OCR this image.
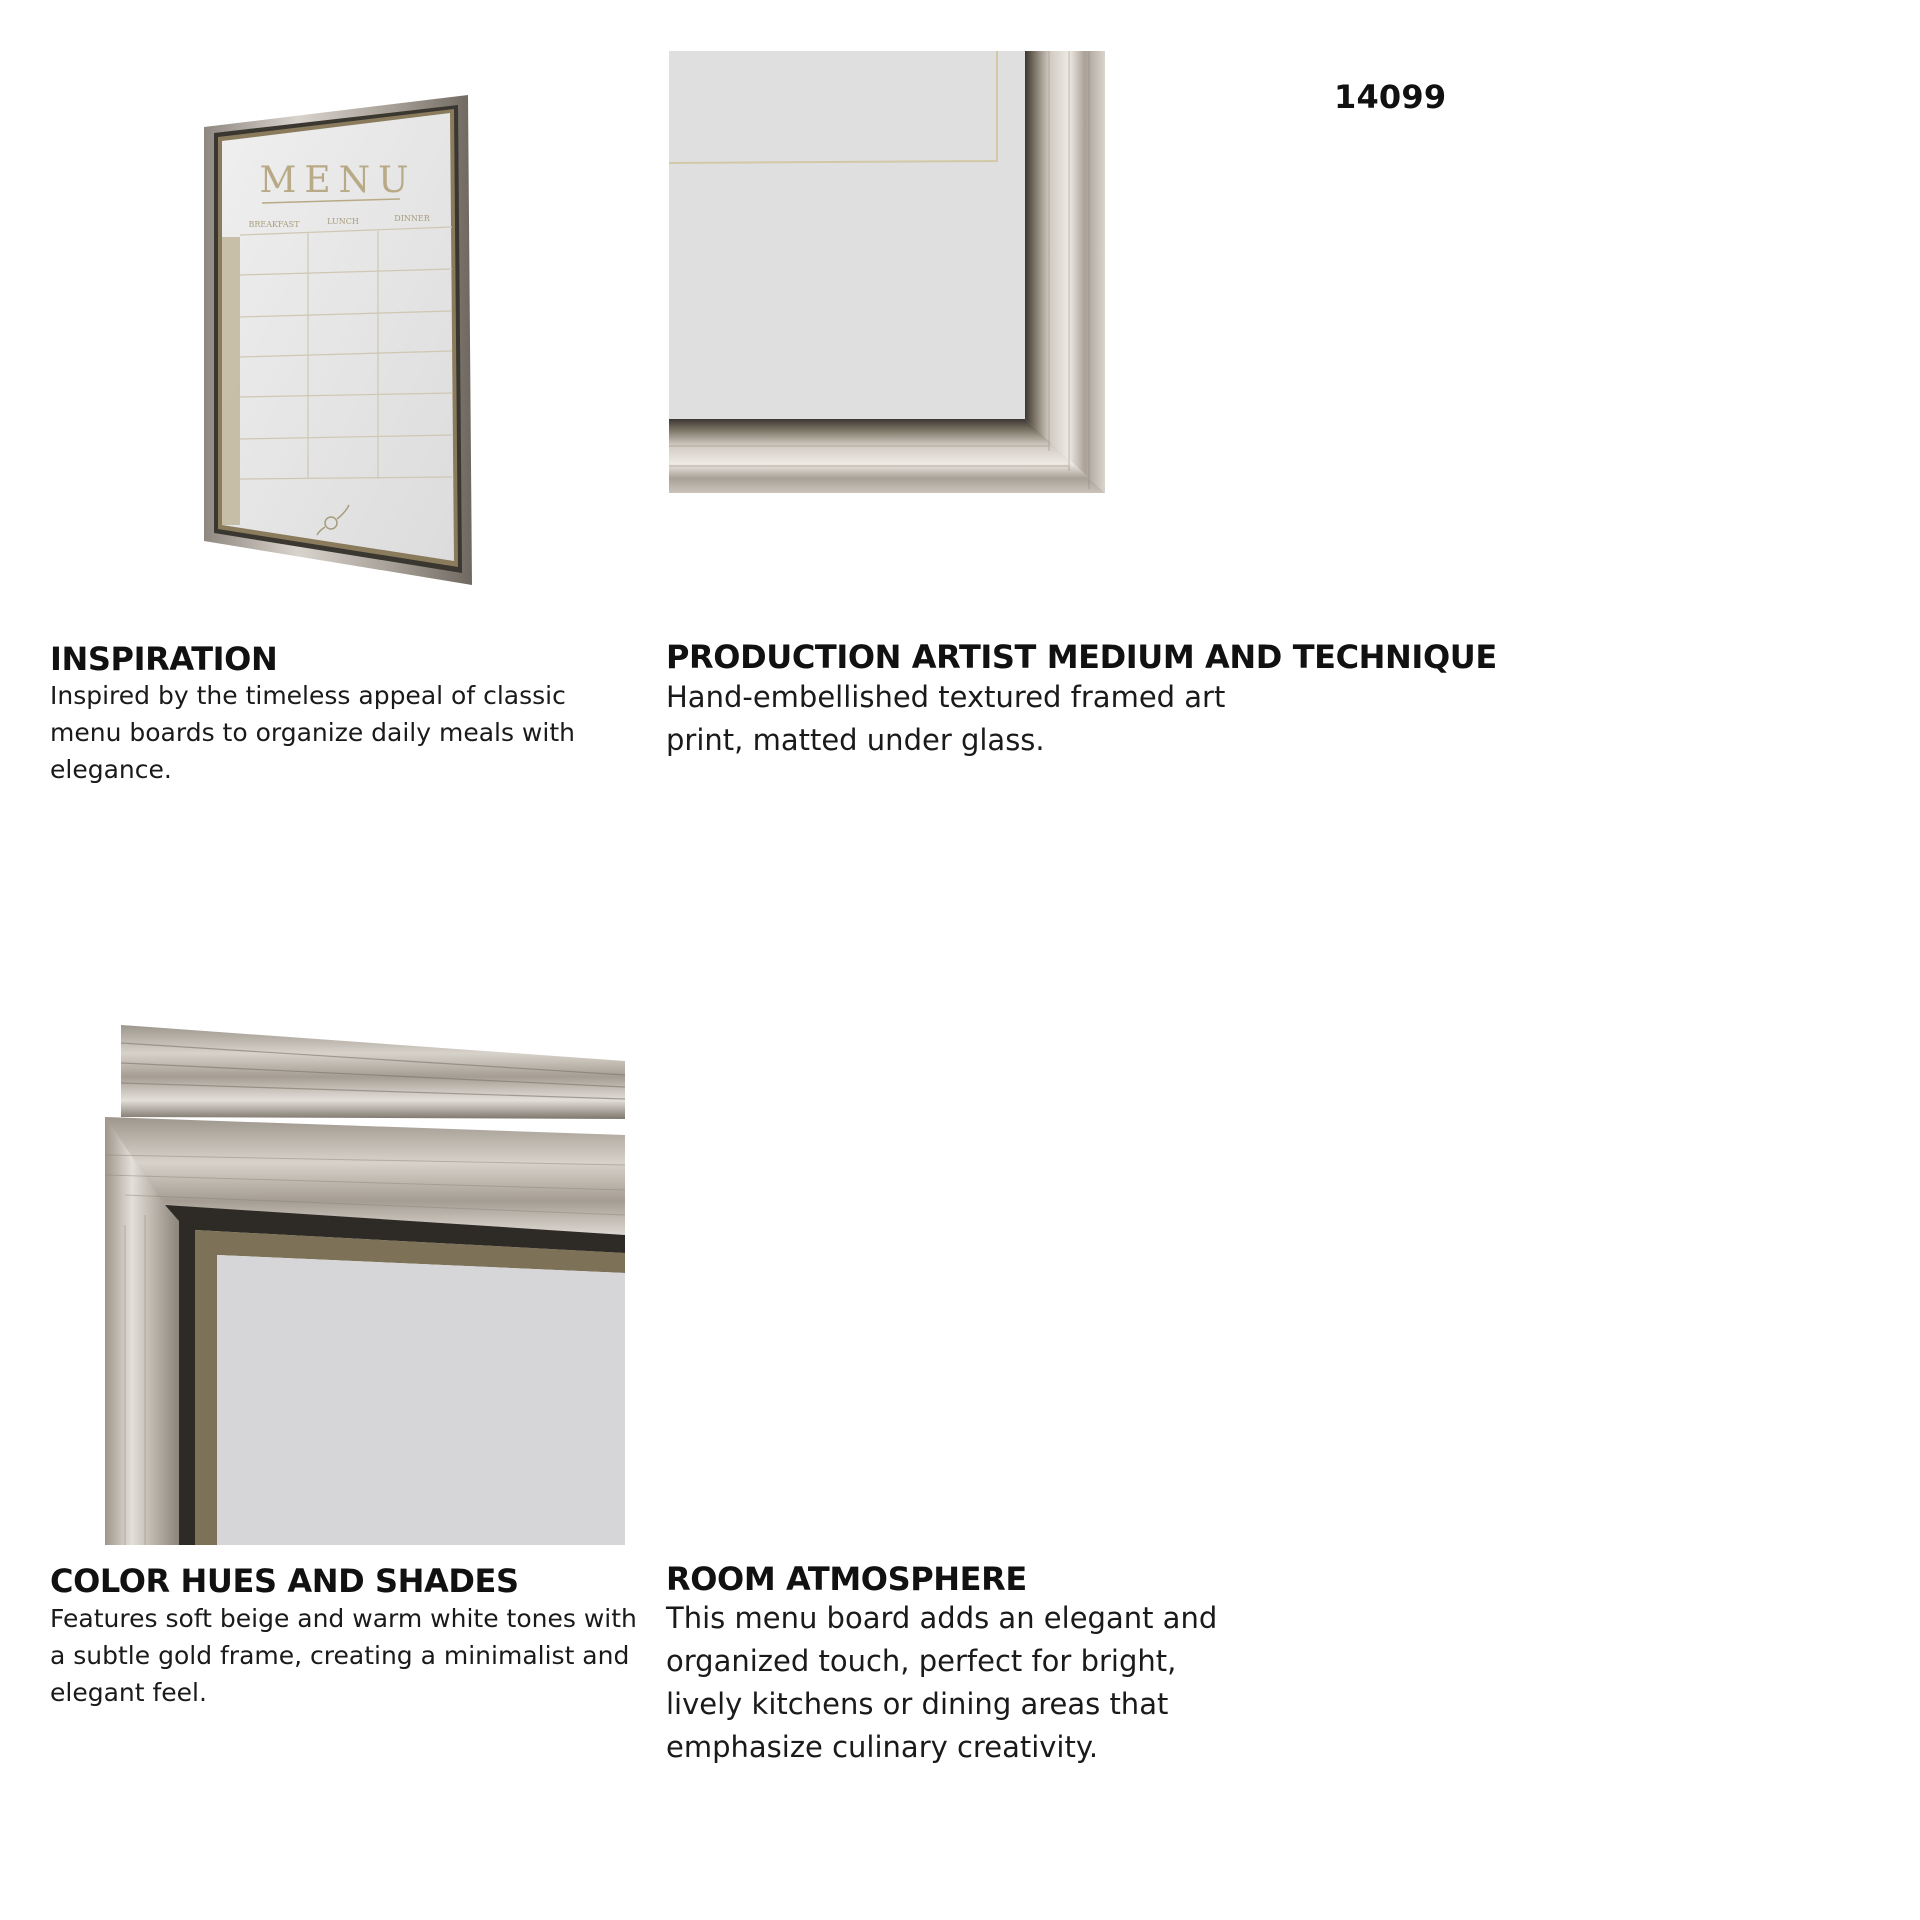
14099
MENU
BREAKFAST	LUNCH	DINNER
INSPIRATION
Inspired by the timeless appeal of classic menu boards to organize daily meals with elegance.
PRODUCTION ARTIST MEDIUM AND TECHNIQUE
Hand-embellished textured framed art print, matted under glass.
COLOR HUES AND SHADES
Features soft beige and warm white tones with a subtle gold frame, creating a minimalist and elegant feel.
ROOM ATMOSPHERE
This menu board adds an elegant and organized touch, perfect for bright, lively kitchens or dining areas that emphasize culinary creativity.
